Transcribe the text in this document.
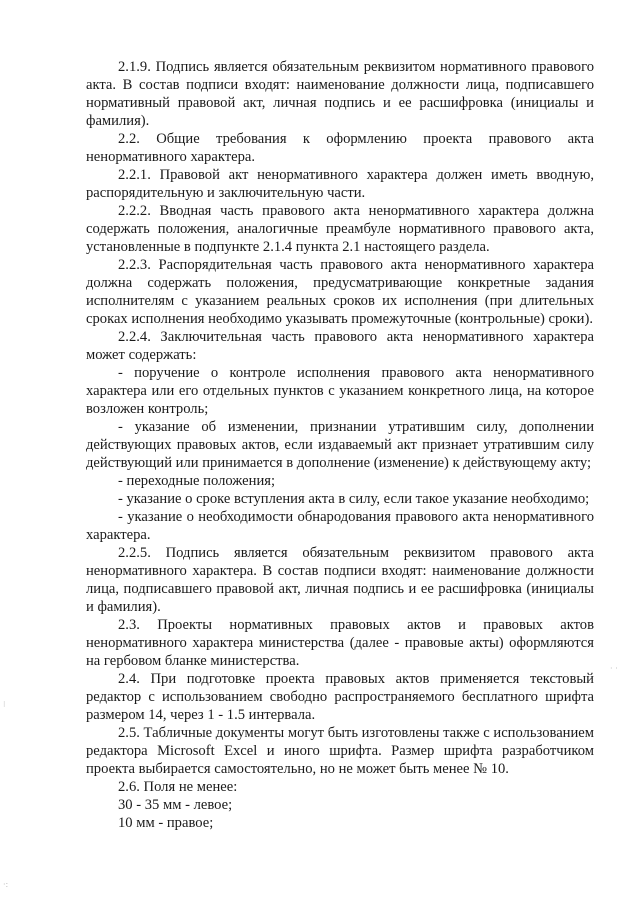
2.1.9. Подпись является обязательным реквизитом нормативного правового акта. В состав подписи входят: наименование должности лица, подписавшего нормативный правовой акт, личная подпись и ее расшифровка (инициалы и фамилия).

2.2. Общие требования к оформлению проекта правового акта ненормативного характера.

2.2.1. Правовой акт ненормативного характера должен иметь вводную, распорядительную и заключительную части.

2.2.2. Вводная часть правового акта ненормативного характера должна содержать положения, аналогичные преамбуле нормативного правового акта, установленные в подпункте 2.1.4 пункта 2.1 настоящего раздела.

2.2.3. Распорядительная часть правового акта ненормативного характера должна содержать положения, предусматривающие конкретные задания исполнителям с указанием реальных сроков их исполнения (при длительных сроках исполнения необходимо указывать промежуточные (контрольные) сроки).

2.2.4. Заключительная часть правового акта ненормативного характера может содержать:

- поручение о контроле исполнения правового акта ненормативного характера или его отдельных пунктов с указанием конкретного лица, на которое возложен контроль;

- указание об изменении, признании утратившим силу, дополнении действующих правовых актов, если издаваемый акт признает утратившим силу действующий или принимается в дополнение (изменение) к действующему акту;

- переходные положения;

- указание о сроке вступления акта в силу, если такое указание необходимо;

- указание о необходимости обнародования правового акта ненормативного характера.

2.2.5. Подпись является обязательным реквизитом правового акта ненормативного характера. В состав подписи входят: наименование должности лица, подписавшего правовой акт, личная подпись и ее расшифровка (инициалы и фамилия).

2.3. Проекты нормативных правовых актов и правовых актов ненормативного характера министерства (далее - правовые акты) оформляются на гербовом бланке министерства.

2.4. При подготовке проекта правовых актов применяется текстовый редактор с использованием свободно распространяемого бесплатного шрифта размером 14, через 1 - 1.5 интервала.

2.5. Табличные документы могут быть изготовлены также с использованием редактора Microsoft Excel и иного шрифта. Размер шрифта разработчиком проекта выбирается самостоятельно, но не может быть менее № 10.

2.6. Поля не менее:

30 - 35 мм - левое;

10 мм - правое;

⁝
·:
· ·
